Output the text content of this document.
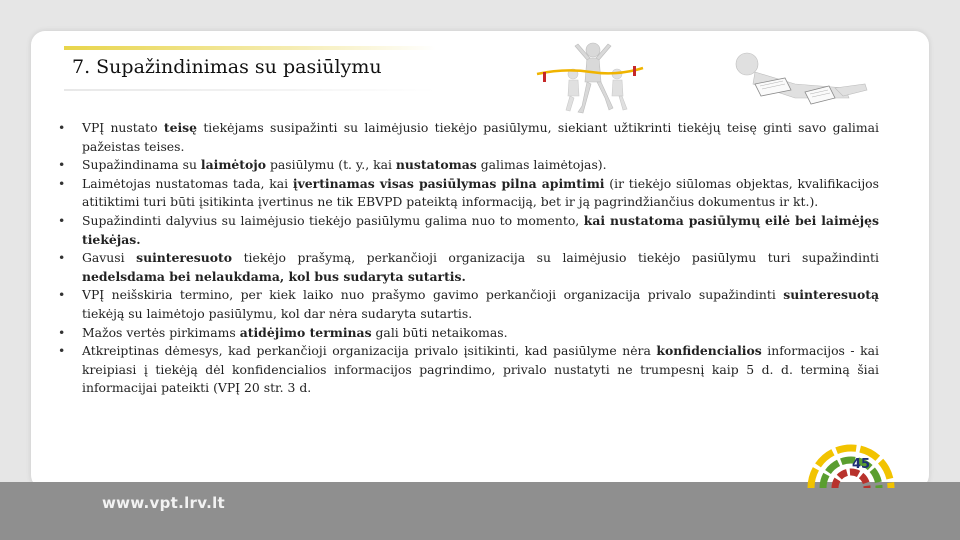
7. Supažindinimas su pasiūlymu
• VPĮ nustato teisę tiekėjams susipažinti su laimėjusio tiekėjo pasiūlymu, siekiant užtikrinti tiekėjų teisę ginti savo galimai pažeistas teises.
• Supažindinama su laimėtojo pasiūlymu (t. y., kai nustatomas galimas laimėtojas).
• Laimėtojas nustatomas tada, kai įvertinamas visas pasiūlymas pilna apimtimi (ir tiekėjo siūlomas objektas, kvalifikacijos atitiktimi turi būti įsitikinta įvertinus ne tik EBVPD pateiktą informaciją, bet ir ją pagrindžiančius dokumentus ir kt.).
• Supažindinti dalyvius su laimėjusio tiekėjo pasiūlymu galima nuo to momento, kai nustatoma pasiūlymų eilė bei laimėjęs tiekėjas.
• Gavusi suinteresuoto tiekėjo prašymą, perkančioji organizacija su laimėjusio tiekėjo pasiūlymu turi supažindinti nedelsdama bei nelaukdama, kol bus sudaryta sutartis.
• VPĮ neišskiria termino, per kiek laiko nuo prašymo gavimo perkančioji organizacija privalo supažindinti suinteresuotą tiekėją su laimėtojo pasiūlymu, kol dar nėra sudaryta sutartis.
• Mažos vertės pirkimams atidėjimo terminas gali būti netaikomas.
• Atkreiptinas dėmesys, kad perkančioji organizacija privalo įsitikinti, kad pasiūlyme nėra konfidencialios informacijos - kai kreipiasi į tiekėją dėl konfidencialios informacijos pagrindimo, privalo nustatyti ne trumpesnį kaip 5 d. d. terminą šiai informacijai pateikti (VPĮ 20 str. 3 d.

www.vpt.lrv.lt

45
